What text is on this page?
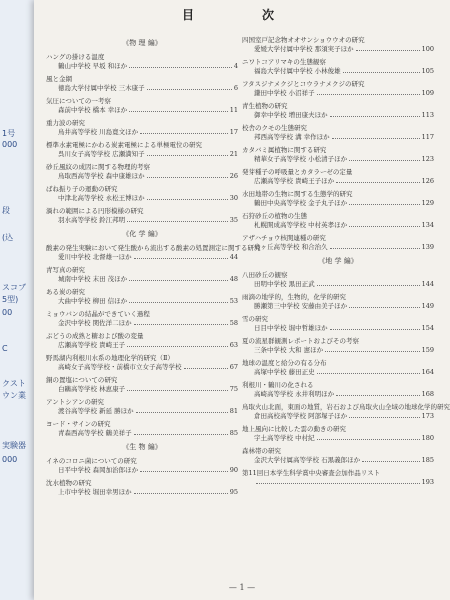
1号
000
段
(込
スコブ
5型)
00
C
クスト
ウン業
実験器
000
目　次
《物 理 編》
ハングの掛ける温度
鶴山中学校 早坂 和ほか	4
風と金網
徳島大学付属中学校 三木康子	6
気圧についての一考察
森前中学校 橋本 幸ほか	11
重力波の研究
鳥井高等学校 川島寛文ほか	17
標準水素電極にかわる炭素電極による単極電位の研究
呉川女子高等学校 広瀬満知子	21
砂丘風紋の成因に関する物理的考察
鳥取西高等学校 森中康雄ほか	26
ばね振り子の運動の研究
中津北高等学校 永松王博ほか	30
渦れの範囲による円形模様の研究
羽水高等学校 鈴江邦明	35
《化 学 編》
酸素の発生実験において発生酸から流出する酸素の処置測定に関する研究
愛川中学校 北督雄一ほか	44
青写真の研究
城南中学校 末田 茂ほか	48
ある炭の研究
大曲中学校 柳田 信ほか	53
ミョウバンの結晶ができていく過程
金沢中学校 関佐洋二ほか	58
ぶどうの成熟と糖および酸の変量
広瀬高等学校 貴崎王子	63
野馬湖内利根川水系の地理化学的研究（Ⅱ）
高崎女子高等学校・前橋市立女子高等学校	67
銅の置塩についての研究
白鷗高等学校 林恵康子	75
アントシアンの研究
渡谷高等学校 新延 勝ほか	81
ヨード・サインの研究
青森西高等学校 鶴美祥子	85
《生 物 編》
イネのコロニ菌についての研究
日平中学校 森岡加治郎ほか	90
沈水植物の研究
上市中学校 堀田幸男ほか	95
四国室戸記念物オオサンショウウオの研究
愛媛大学付属中学校 那須実子ほか	100
ニワトコアリマキの生態観察
福島大学付属中学校 小林俊雄	105
フタスジナメクジとコウラナメクジの研究
鎌田中学校 小沼祥子	109
青生植物の研究
御幸中学校 増田康夫ほか	113
校舎のクモの生態研究
邦西高等学校 溝 幸作ほか	117
カタバミ属植物に関する研究
精華女子高等学校 小松清子ほか	123
発芽種子の呼吸量とカタラーゼの定量
広瀬高等学校 貴崎王子ほか	126
水田地帯の生物に関する生態学的研究
鶴田中央高等学校 金子丸子ほか	129
石狩砂丘の植物の生態
札幌開成高等学校 中村英孝ほか	134
アザハチョウ核関連種の研究
鳥ヶ丘高等学校 和合治久	139
《地 学 編》
八田砂丘の観察
田明中学校 黒田正武	144
雨滴の地学的，生物的，化学的研究
勝瀬第三中学校 安藤由美子ほか	149
雪の研究
日目中学校 堀中哲雄ほか	154
夏の流星群観測レポートおよびその考察
三条中学校 大和 憲ほか	159
地球の温度と給分の有る分布
高塚中学校 藤田正史	164
利根川・鶴川の化される
高崎高等学校 永井利明ほか	168
鳥取火山北面，東面の地質，岩石および鳥取火山全域の地球化学的研究
倉田高校高等学校 阿部塚子ほか	173
地上風向に比較した雲の動きの研究
宇土高等学校 中村紀	180
森林帯の研究
金沢大学付属高等学校 石黒義郎ほか	185
第11回日本学生科学賞中央審査会加作品リスト
193
— 1 —
